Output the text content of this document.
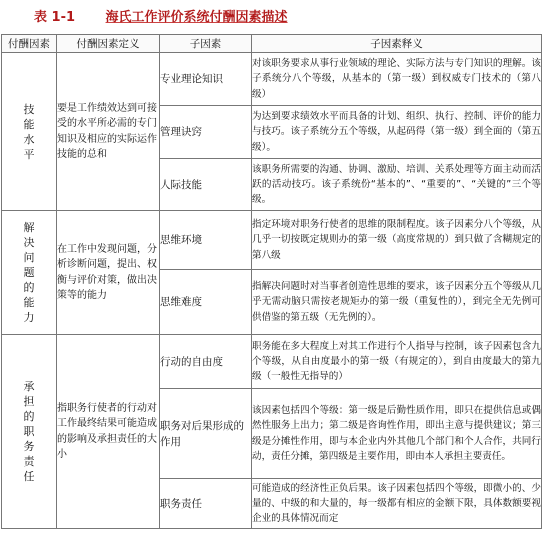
表 1-1 海氏工作评价系统付酬因素描述
付酬因素	付酬因素定义	子因素	子因素释义
技能水平	要是工作绩效达到可接受的水平所必需的专门知识及相应的实际运作技能的总和	专业理论知识	对该职务要求从事行业领域的理论、实际方法与专门知识的理解。该子系统分八个等级，从基本的（第一级）到权威专门技术的（第八级）
		管理诀窍	为达到要求绩效水平而具备的计划、组织、执行、控制、评价的能力与技巧。该子系统分五个等级，从起码得（第一级）到全面的（第五级）。
		人际技能	该职务所需要的沟通、协调、激励、培训、关系处理等方面主动而活跃的活动技巧。该子系统份“基本的”、“重要的”、“关键的”三个等级。
解决问题的能力	在工作中发现问题，分析诊断问题，提出、权衡与评价对策，做出决策等的能力	思维环境	指定环境对职务行使者的思维的限制程度。该子因素分八个等级，从几乎一切按既定规则办的第一级（高度常规的）到只做了含糊规定的第八级
		思维难度	指解决问题时对当事者创造性思维的要求，该子因素分五个等级从几乎无需动脑只需按老规矩办的第一级（重复性的），到完全无先例可供借鉴的第五级（无先例的）。
承担的职务责任	指职务行使者的行动对工作最终结果可能造成的影响及承担责任的大小	行动的自由度	职务能在多大程度上对其工作进行个人指导与控制，该子因素包含九个等级，从自由度最小的第一级（有规定的），到自由度最大的第九级（一般性无指导的）
		职务对后果形成的作用	该因素包括四个等级：第一级是后勤性质作用，即只在提供信息或偶然性服务上出力；第二级是咨询性作用，即出主意与提供建议；第三级是分摊性作用，即与本企业内外其他几个部门和个人合作，共同行动，责任分摊，第四级是主要作用，即由本人承担主要责任。
		职务责任	可能造成的经济性正负后果。该子因素包括四个等级，即微小的、少量的、中级的和大量的，每一级都有相应的金额下限，具体数额要视企业的具体情况而定
